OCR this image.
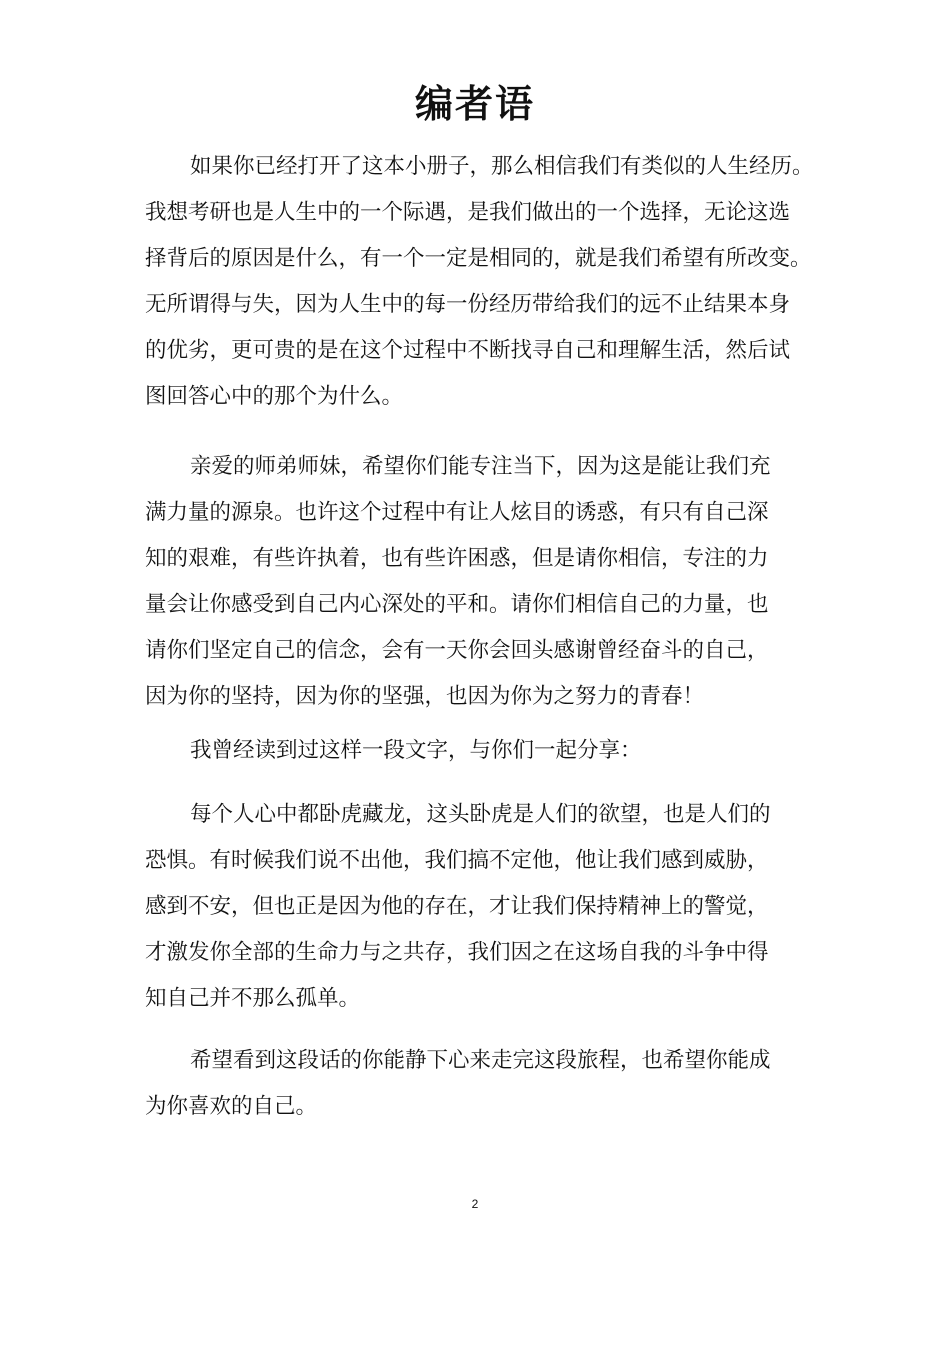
编者语

如果你已经打开了这本小册子，那么相信我们有类似的人生经历。

我想考研也是人生中的一个际遇，是我们做出的一个选择，无论这选

择背后的原因是什么，有一个一定是相同的，就是我们希望有所改变。

无所谓得与失，因为人生中的每一份经历带给我们的远不止结果本身

的优劣，更可贵的是在这个过程中不断找寻自己和理解生活，然后试

图回答心中的那个为什么。

亲爱的师弟师妹，希望你们能专注当下，因为这是能让我们充

满力量的源泉。也许这个过程中有让人炫目的诱惑，有只有自己深

知的艰难，有些许执着，也有些许困惑，但是请你相信，专注的力

量会让你感受到自己内心深处的平和。请你们相信自己的力量，也

请你们坚定自己的信念，会有一天你会回头感谢曾经奋斗的自己，

因为你的坚持，因为你的坚强，也因为你为之努力的青春！

我曾经读到过这样一段文字，与你们一起分享：

每个人心中都卧虎藏龙，这头卧虎是人们的欲望，也是人们的

恐惧。有时候我们说不出他，我们搞不定他，他让我们感到威胁，

感到不安，但也正是因为他的存在，才让我们保持精神上的警觉，

才激发你全部的生命力与之共存，我们因之在这场自我的斗争中得

知自己并不那么孤单。

希望看到这段话的你能静下心来走完这段旅程，也希望你能成

为你喜欢的自己。

2
